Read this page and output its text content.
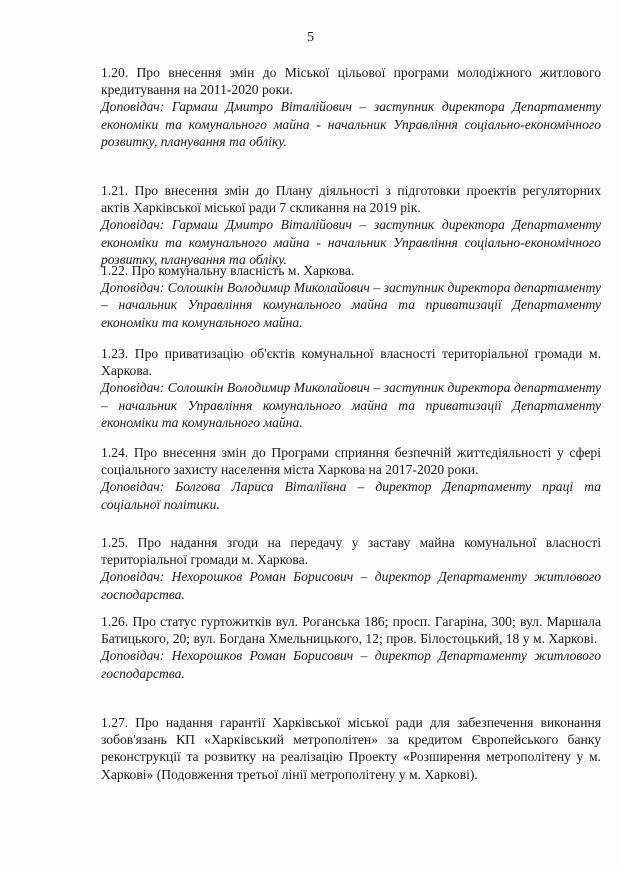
5

1.20. Про внесення змін до Міської цільової програми молодіжного житлового кредитування на 2011-2020 роки.

Доповідач: Гармаш Дмитро Віталійович – заступник директора Департаменту економіки та комунального майна - начальник Управління соціально-економічного розвитку, планування та обліку.

1.21. Про внесення змін до Плану діяльності з підготовки проектів регуляторних актів Харківської міської ради 7 скликання на 2019 рік.

Доповідач: Гармаш Дмитро Віталійович – заступник директора Департаменту економіки та комунального майна - начальник Управління соціально-економічного розвитку, планування та обліку.

1.22. Про комунальну власність м. Харкова.

Доповідач: Солошкін Володимир Миколайович – заступник директора департаменту – начальник Управління комунального майна та приватизації Департаменту економіки та комунального майна.

1.23. Про приватизацію об'єктів комунальної власності територіальної громади м. Харкова.

Доповідач: Солошкін Володимир Миколайович – заступник директора департаменту – начальник Управління комунального майна та приватизації Департаменту економіки та комунального майна.

1.24. Про внесення змін до Програми сприяння безпечній життєдіяльності у сфері соціального захисту населення міста Харкова на 2017-2020 роки.

Доповідач: Болгова Лариса Віталіївна – директор Департаменту праці та соціальної політики.

1.25. Про надання згоди на передачу у заставу майна комунальної власності територіальної громади м. Харкова.

Доповідач: Нехорошков Роман Борисович – директор Департаменту житлового господарства.

1.26. Про статус гуртожитків вул. Роганська 186; просп. Гагаріна, 300; вул. Маршала Батицького, 20; вул. Богдана Хмельницького, 12; пров. Білостоцький, 18 у м. Харкові.

Доповідач: Нехорошков Роман Борисович – директор Департаменту житлового господарства.

1.27. Про надання гарантії Харківської міської ради для забезпечення виконання зобов'язань КП «Харківський метрополітен» за кредитом Європейського банку реконструкції та розвитку на реалізацію Проекту «Розширення метрополітену у м. Харкові» (Подовження третьої лінії метрополітену у м. Харкові).
